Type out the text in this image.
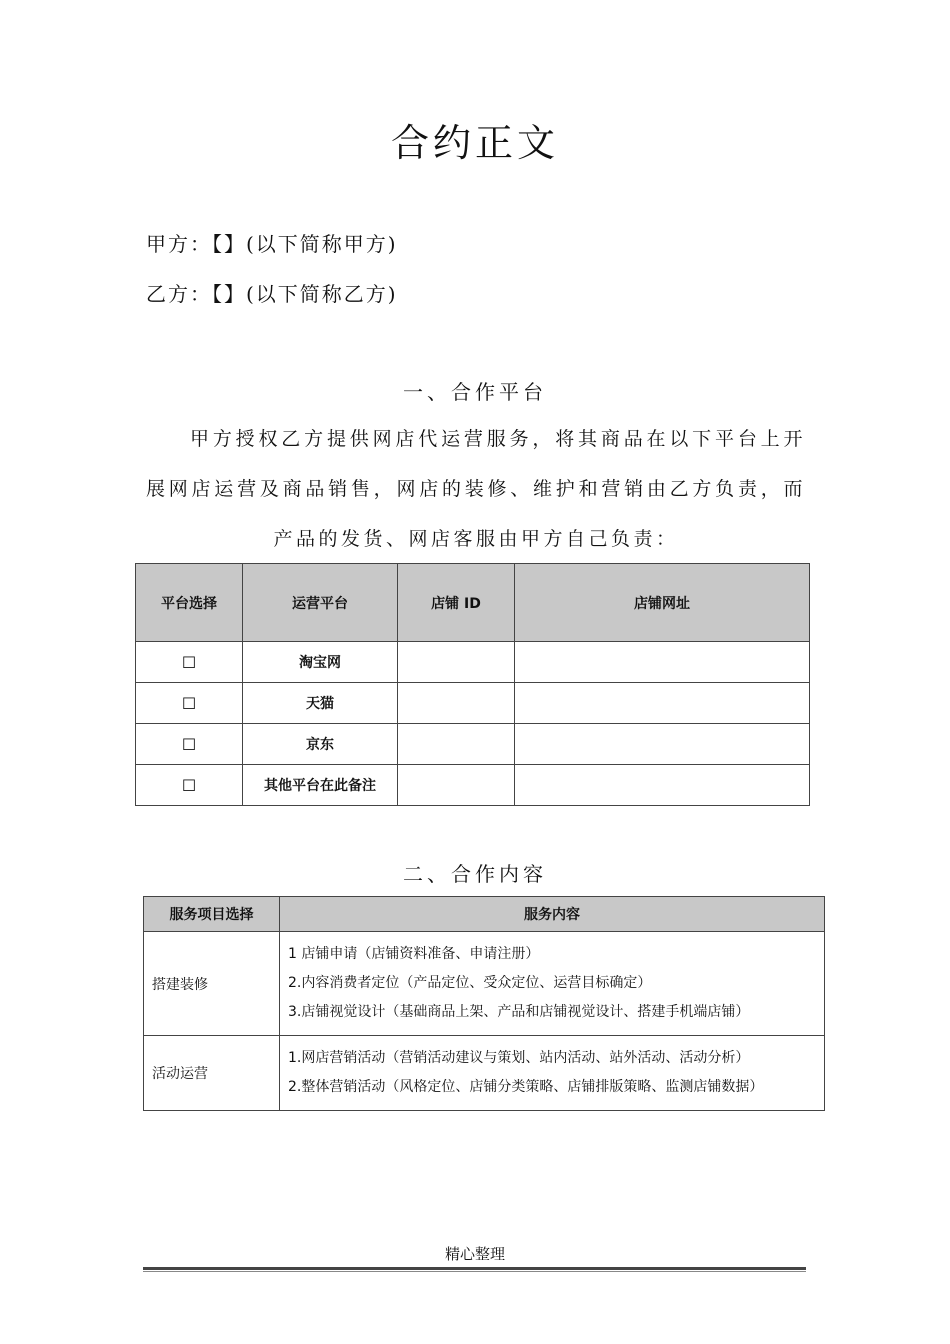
合约正文
甲方：【】(以下简称甲方)
乙方：【】(以下简称乙方)
一、合作平台

甲方授权乙方提供网店代运营服务，将其商品在以下平台上开展网店运营及商品销售，网店的装修、维护和营销由乙方负责，而产品的发货、网店客服由甲方自己负责：

平台选择	运营平台	店铺 ID	店铺网址
☐	淘宝网		
☐	天猫		
☐	京东		
☐	其他平台在此备注		
二、合作内容
服务项目选择	服务内容
搭建装修	1 店铺申请（店铺资料准备、申请注册）
2.内容消费者定位（产品定位、受众定位、运营目标确定）
3.店铺视觉设计（基础商品上架、产品和店铺视觉设计、搭建手机端店铺）

活动运营	1.网店营销活动（营销活动建议与策划、站内活动、站外活动、活动分析）
2.整体营销活动（风格定位、店铺分类策略、店铺排版策略、监测店铺数据）
精心整理
